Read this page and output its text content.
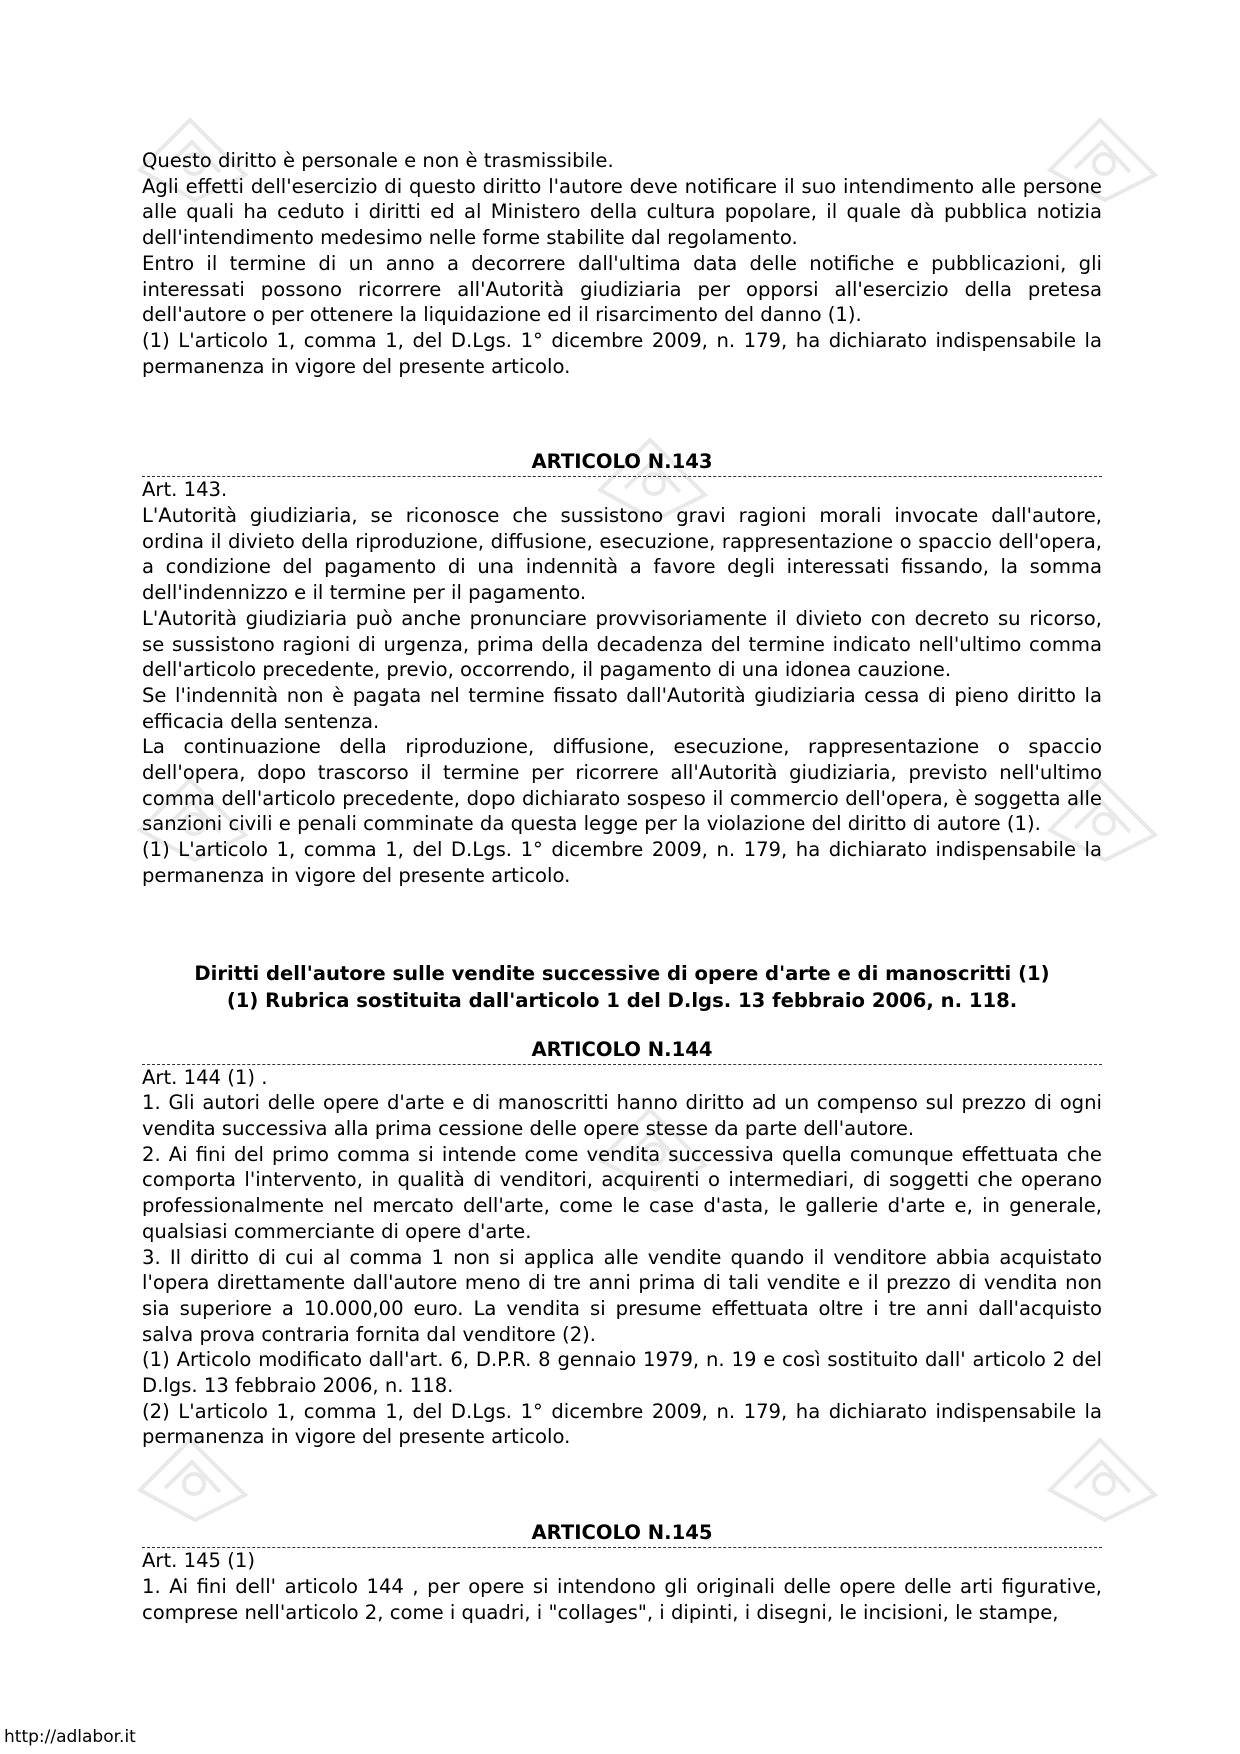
Questo diritto è personale e non è trasmissibile.

Agli effetti dell'esercizio di questo diritto l'autore deve notificare il suo intendimento alle persone alle quali ha ceduto i diritti ed al Ministero della cultura popolare, il quale dà pubblica notizia dell'intendimento medesimo nelle forme stabilite dal regolamento.

Entro il termine di un anno a decorrere dall'ultima data delle notifiche e pubblicazioni, gli interessati possono ricorrere all'Autorità giudiziaria per opporsi all'esercizio della pretesa dell'autore o per ottenere la liquidazione ed il risarcimento del danno (1).

(1) L'articolo 1, comma 1, del D.Lgs. 1° dicembre 2009, n. 179, ha dichiarato indispensabile la permanenza in vigore del presente articolo.

ARTICOLO N.143

Art. 143.

L'Autorità giudiziaria, se riconosce che sussistono gravi ragioni morali invocate dall'autore, ordina il divieto della riproduzione, diffusione, esecuzione, rappresentazione o spaccio dell'opera, a condizione del pagamento di una indennità a favore degli interessati fissando, la somma dell'indennizzo e il termine per il pagamento.

L'Autorità giudiziaria può anche pronunciare provvisoriamente il divieto con decreto su ricorso, se sussistono ragioni di urgenza, prima della decadenza del termine indicato nell'ultimo comma dell'articolo precedente, previo, occorrendo, il pagamento di una idonea cauzione.

Se l'indennità non è pagata nel termine fissato dall'Autorità giudiziaria cessa di pieno diritto la efficacia della sentenza.

La continuazione della riproduzione, diffusione, esecuzione, rappresentazione o spaccio dell'opera, dopo trascorso il termine per ricorrere all'Autorità giudiziaria, previsto nell'ultimo comma dell'articolo precedente, dopo dichiarato sospeso il commercio dell'opera, è soggetta alle sanzioni civili e penali comminate da questa legge per la violazione del diritto di autore (1).

(1) L'articolo 1, comma 1, del D.Lgs. 1° dicembre 2009, n. 179, ha dichiarato indispensabile la permanenza in vigore del presente articolo.

Diritti dell'autore sulle vendite successive di opere d'arte e di manoscritti (1)
(1) Rubrica sostituita dall'articolo 1 del D.lgs. 13 febbraio 2006, n. 118.
ARTICOLO N.144

Art. 144 (1) .

1. Gli autori delle opere d'arte e di manoscritti hanno diritto ad un compenso sul prezzo di ogni vendita successiva alla prima cessione delle opere stesse da parte dell'autore.

2. Ai fini del primo comma si intende come vendita successiva quella comunque effettuata che comporta l'intervento, in qualità di venditori, acquirenti o intermediari, di soggetti che operano professionalmente nel mercato dell'arte, come le case d'asta, le gallerie d'arte e, in generale, qualsiasi commerciante di opere d'arte.

3. Il diritto di cui al comma 1 non si applica alle vendite quando il venditore abbia acquistato l'opera direttamente dall'autore meno di tre anni prima di tali vendite e il prezzo di vendita non sia superiore a 10.000,00 euro. La vendita si presume effettuata oltre i tre anni dall'acquisto salva prova contraria fornita dal venditore (2).

(1) Articolo modificato dall'art. 6, D.P.R. 8 gennaio 1979, n. 19 e così sostituito dall' articolo 2 del D.lgs. 13 febbraio 2006, n. 118.

(2) L'articolo 1, comma 1, del D.Lgs. 1° dicembre 2009, n. 179, ha dichiarato indispensabile la permanenza in vigore del presente articolo.

ARTICOLO N.145

Art. 145 (1)

1. Ai fini dell' articolo 144 , per opere si intendono gli originali delle opere delle arti figurative, comprese nell'articolo 2, come i quadri, i "collages", i dipinti, i disegni, le incisioni, le stampe,

http://adlabor.it
